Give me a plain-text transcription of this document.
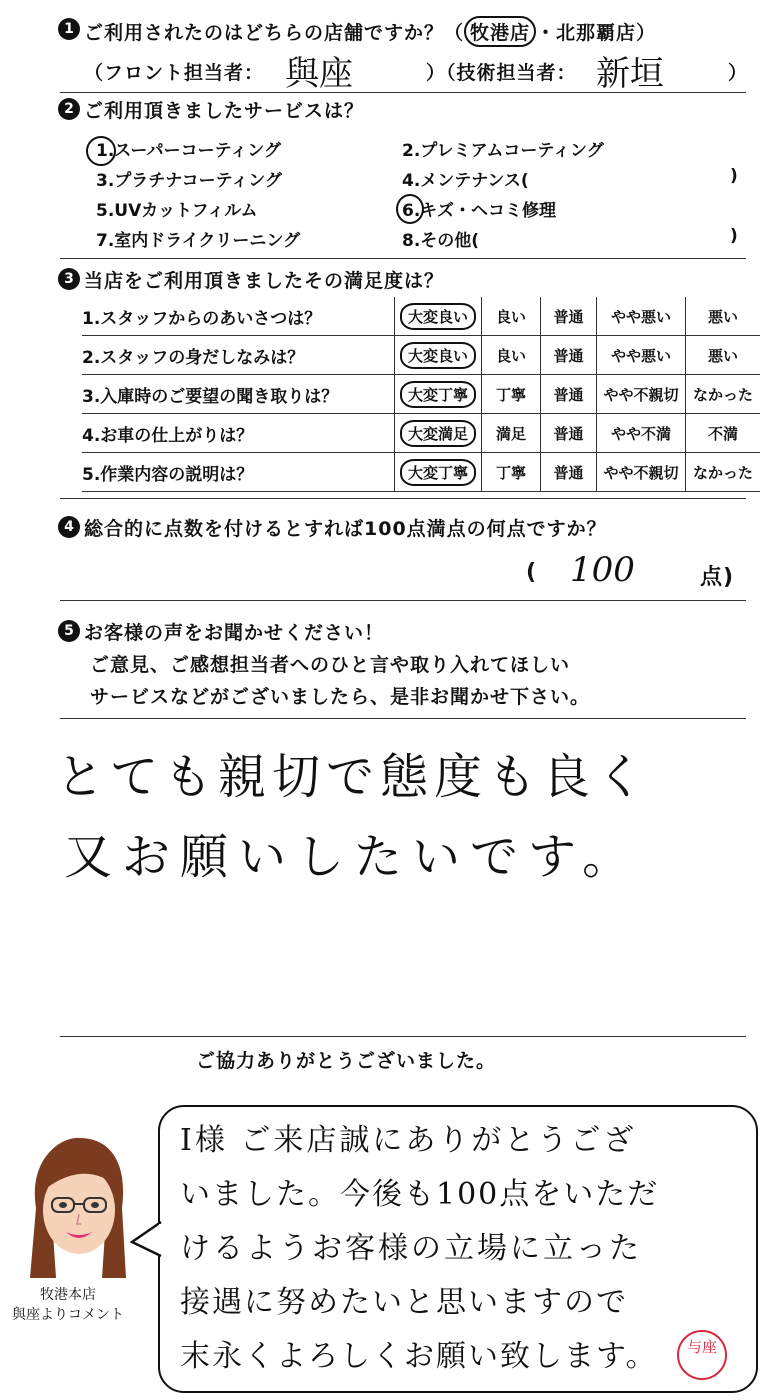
1 ご利用されたのはどちらの店舗ですか？（ 牧港店 ・北那覇店）
（フロント担当者： 與座	）（技術担当者： 新垣	）
2 ご利用頂きましたサービスは？
1.スーパーコーティング	2.プレミアムコーティング
3.プラチナコーティング	4.メンテナンス(	)
5.UVカットフィルム	6.キズ・ヘコミ修理
7.室内ドライクリーニング	8.その他(	)
3 当店をご利用頂きましたその満足度は？
1.スタッフからのあいさつは？	大変良い	良い	普通	やや悪い	悪い
2.スタッフの身だしなみは？	大変良い	良い	普通	やや悪い	悪い
3.入庫時のご要望の聞き取りは？	大変丁寧	丁寧	普通	やや不親切	なかった
4.お車の仕上がりは？	大変満足	満足	普通	やや不満	不満
5.作業内容の説明は？	大変丁寧	丁寧	普通	やや不親切	なかった
4 総合的に点数を付けるとすれば100点満点の何点ですか？
( 100	点)
5 お客様の声をお聞かせください！
ご意見、ご感想担当者へのひと言や取り入れてほしい
サービスなどがございましたら、是非お聞かせ下さい。
とても親切で態度も良く
又お願いしたいです。
ご協力ありがとうございました。
牧港本店
與座よりコメント
I様 ご来店誠にありがとうござ
いました。今後も100点をいただ
けるようお客様の立場に立った
接遇に努めたいと思いますので
末永くよろしくお願い致します。	与座
